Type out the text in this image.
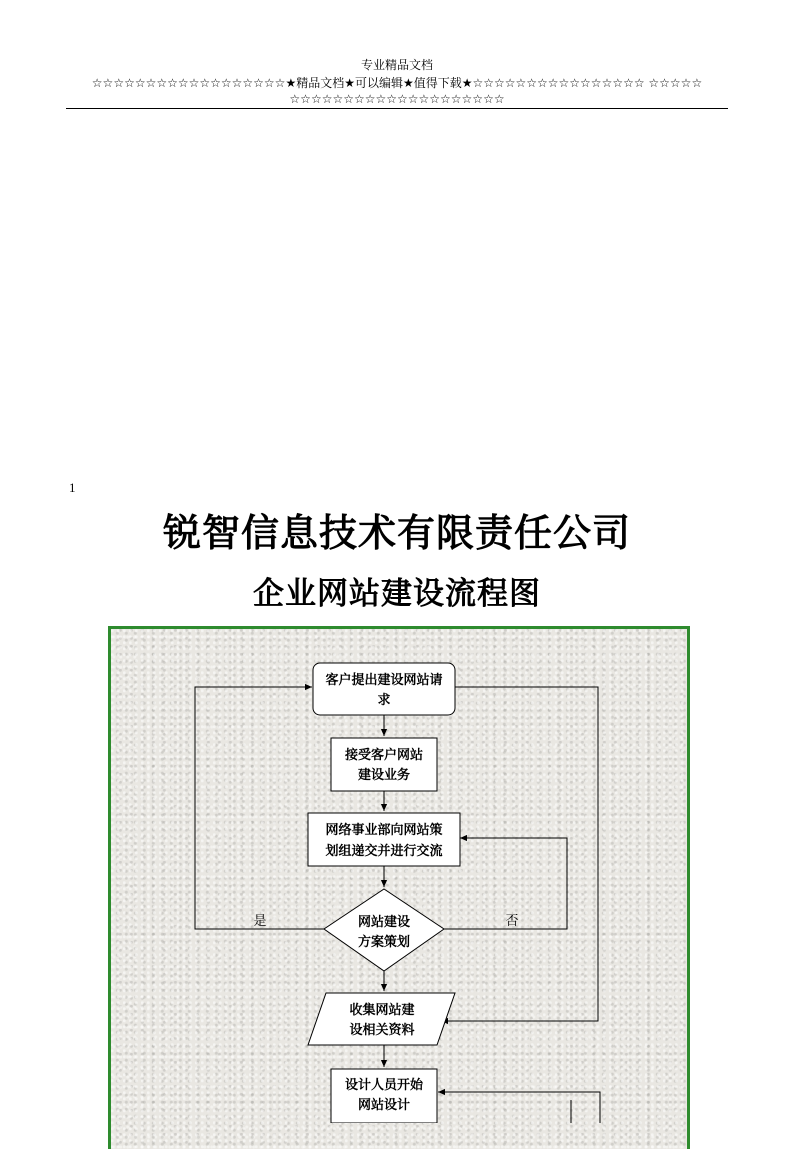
专业精品文档
☆☆☆☆☆☆☆☆☆☆☆☆☆☆☆☆☆☆★精品文档★可以编辑★值得下载★☆☆☆☆☆☆☆☆☆☆☆☆☆☆☆☆ ☆☆☆☆☆
☆☆☆☆☆☆☆☆☆☆☆☆☆☆☆☆☆☆☆☆
1
锐智信息技术有限责任公司
企业网站建设流程图
客户提出建设网站请
求
接受客户网站
建设业务
网络事业部向网站策
划组递交并进行交流
网站建设
方案策划
收集网站建
设相关资料
设计人员开始
网站设计
是	否
